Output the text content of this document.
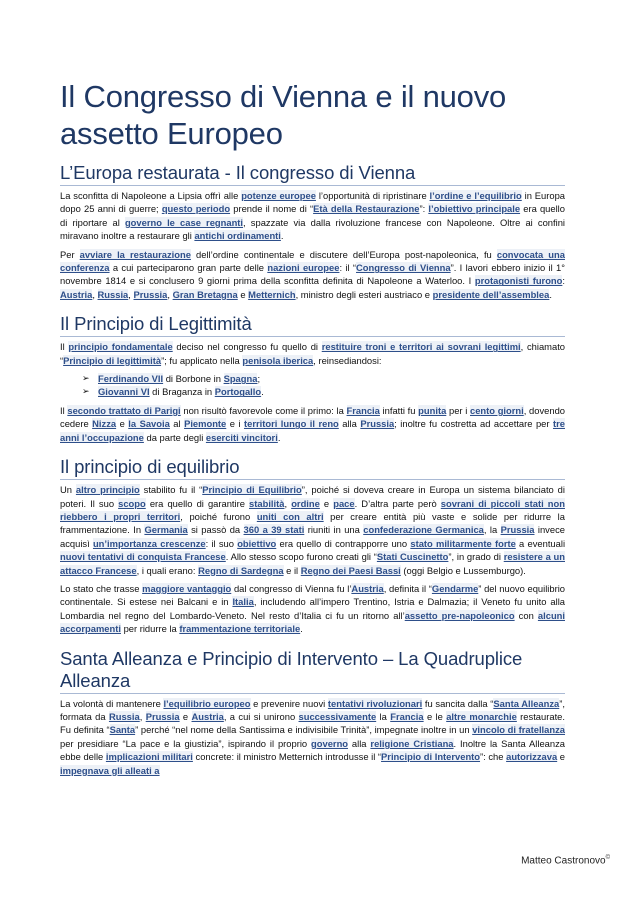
Il Congresso di Vienna e il nuovo assetto Europeo
L’Europa restaurata - Il congresso di Vienna

La sconfitta di Napoleone a Lipsia offrì alle potenze europee l’opportunità di ripristinare l’ordine e l’equilibrio in Europa dopo 25 anni di guerre; questo periodo prende il nome di “Età della Restaurazione”: l’obiettivo principale era quello di riportare al governo le case regnanti, spazzate via dalla rivoluzione francese con Napoleone. Oltre ai confini miravano inoltre a restaurare gli antichi ordinamenti.

Per avviare la restaurazione dell’ordine continentale e discutere dell’Europa post-napoleonica, fu convocata una conferenza a cui parteciparono gran parte delle nazioni europee: il “Congresso di Vienna”. I lavori ebbero inizio il 1° novembre 1814 e si conclusero 9 giorni prima della sconfitta definita di Napoleone a Waterloo. I protagonisti furono: Austria, Russia, Prussia, Gran Bretagna e Metternich, ministro degli esteri austriaco e presidente dell’assemblea.

Il Principio di Legittimità

Il principio fondamentale deciso nel congresso fu quello di restituire troni e territori ai sovrani legittimi, chiamato “Principio di legittimità”; fu applicato nella penisola iberica, reinsediandosi:

➢ Ferdinando VII di Borbone in Spagna;
➢ Giovanni VI di Braganza in Portogallo.

Il secondo trattato di Parigi non risultò favorevole come il primo: la Francia infatti fu punita per i cento giorni, dovendo cedere Nizza e la Savoia al Piemonte e i territori lungo il reno alla Prussia; inoltre fu costretta ad accettare per tre anni l’occupazione da parte degli eserciti vincitori.

Il principio di equilibrio

Un altro principio stabilito fu il “Principio di Equilibrio”, poiché si doveva creare in Europa un sistema bilanciato di poteri. Il suo scopo era quello di garantire stabilità, ordine e pace. D’altra parte però sovrani di piccoli stati non riebbero i propri territori, poiché furono uniti con altri per creare entità più vaste e solide per ridurre la frammentazione. In Germania si passò da 360 a 39 stati riuniti in una confederazione Germanica, la Prussia invece acquisì un’importanza crescenze: il suo obiettivo era quello di contrapporre uno stato militarmente forte a eventuali nuovi tentativi di conquista Francese. Allo stesso scopo furono creati gli “Stati Cuscinetto”, in grado di resistere a un attacco Francese, i quali erano: Regno di Sardegna e il Regno dei Paesi Bassi (oggi Belgio e Lussemburgo).

Lo stato che trasse maggiore vantaggio dal congresso di Vienna fu l’Austria, definita il “Gendarme” del nuovo equilibrio continentale. Si estese nei Balcani e in Italia, includendo all’impero Trentino, Istria e Dalmazia; il Veneto fu unito alla Lombardia nel regno del Lombardo-Veneto. Nel resto d’Italia ci fu un ritorno all’assetto pre-napoleonico con alcuni accorpamenti per ridurre la frammentazione territoriale.

Santa Alleanza e Principio di Intervento – La Quadruplice Alleanza

La volontà di mantenere l’equilibrio europeo e prevenire nuovi tentativi rivoluzionari fu sancita dalla “Santa Alleanza”, formata da Russia, Prussia e Austria, a cui si unirono successivamente la Francia e le altre monarchie restaurate. Fu definita “Santa” perché “nel nome della Santissima e indivisibile Trinità”, impegnate inoltre in un vincolo di fratellanza per presidiare “La pace e la giustizia”, ispirando il proprio governo alla religione Cristiana. Inoltre la Santa Alleanza ebbe delle implicazioni militari concrete: il ministro Metternich introdusse il “Principio di Intervento”: che autorizzava e impegnava gli alleati a

Matteo Castronovo©
